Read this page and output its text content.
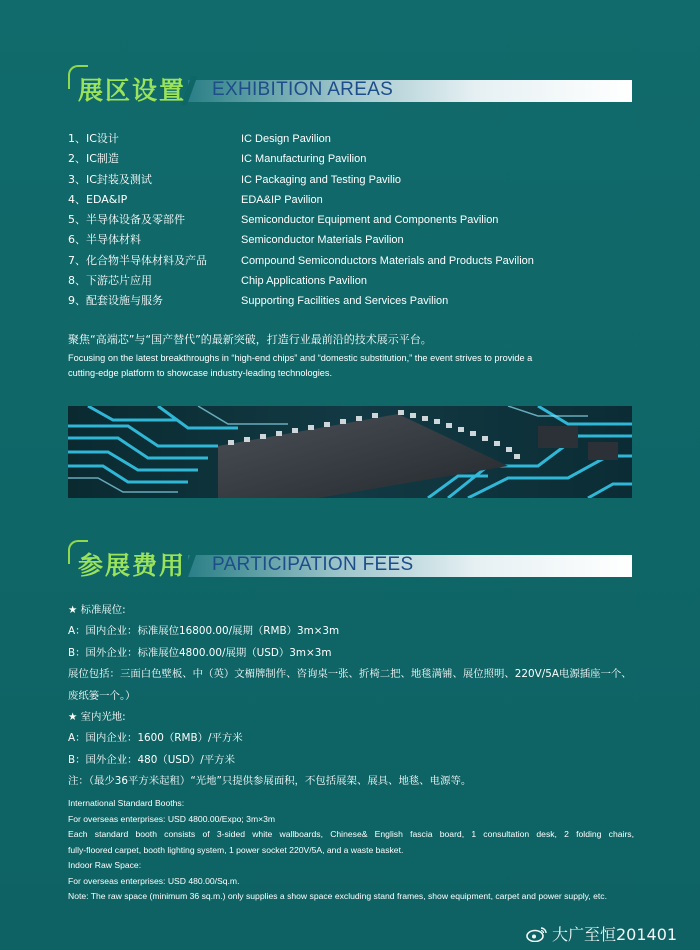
展区设置 EXHIBITION AREAS
1、IC设计	IC Design Pavilion
2、IC制造	IC Manufacturing Pavilion
3、IC封装及测试	IC Packaging and Testing Pavilio
4、EDA&IP	EDA&IP Pavilion
5、半导体设备及零部件	Semiconductor Equipment and Components Pavilion
6、半导体材料	Semiconductor Materials Pavilion
7、化合物半导体材料及产品	Compound Semiconductors Materials and Products Pavilion
8、下游芯片应用	Chip Applications Pavilion
9、配套设施与服务	Supporting Facilities and Services Pavilion
聚焦“高端芯”与“国产替代”的最新突破，打造行业最前沿的技术展示平台。
Focusing on the latest breakthroughs in “high-end chips” and “domestic substitution,” the event strives to provide a cutting-edge platform to showcase industry-leading technologies.
参展费用 PARTICIPATION FEES
★ 标准展位:
A：国内企业：标准展位16800.00/展期（RMB）3m×3m
B：国外企业：标准展位4800.00/展期（USD）3m×3m
展位包括：三面白色壁板、中（英）文楣牌制作、咨询桌一张、折椅二把、地毯满铺、展位照明、220V/5A电源插座一个、
废纸篓一个。）
★ 室内光地:
A：国内企业：1600（RMB）/平方米
B：国外企业：480（USD）/平方米
注：（最少36平方米起租）“光地”只提供参展面积，不包括展架、展具、地毯、电源等。
International Standard Booths:
For overseas enterprises: USD 4800.00/Expo; 3m×3m
Each standard booth consists of 3-sided white wallboards, Chinese& English fascia board, 1 consultation desk, 2 folding chairs,
fully-floored carpet, booth lighting system, 1 power socket 220V/5A, and a waste basket.
Indoor Raw Space:
For overseas enterprises: USD 480.00/Sq.m.
Note: The raw space (minimum 36 sq.m.) only supplies a show space excluding stand frames, show equipment, carpet and power supply, etc.
大广至恒201401
